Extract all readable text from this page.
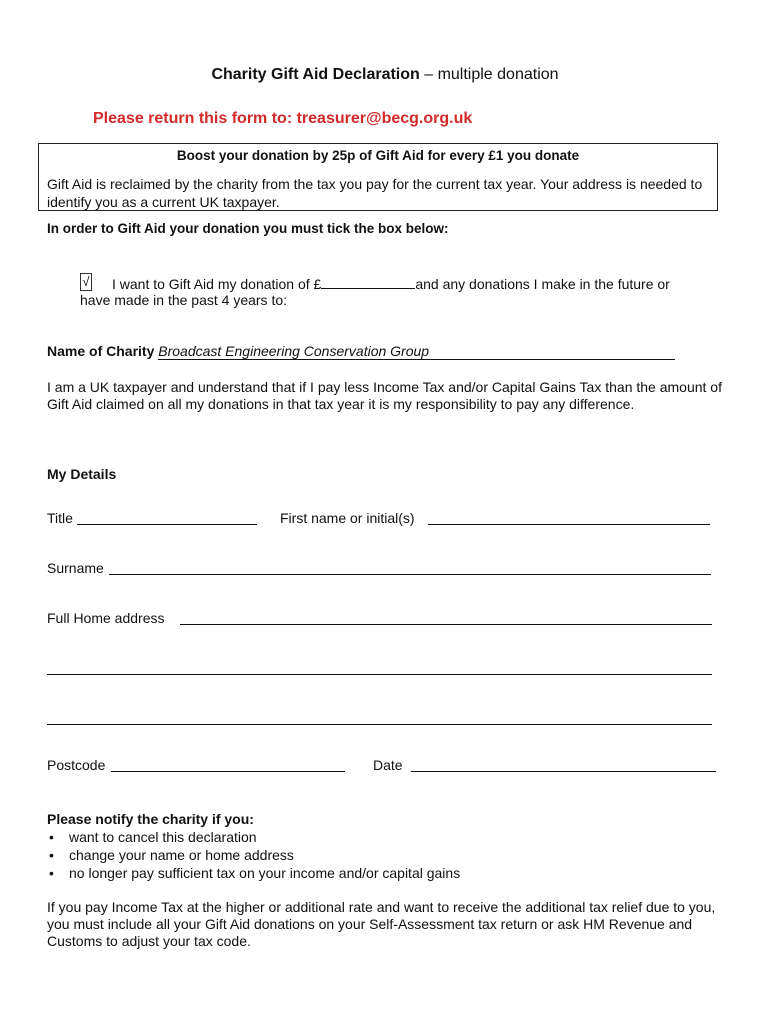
Charity Gift Aid Declaration – multiple donation
Please return this form to: treasurer@becg.org.uk
Boost your donation by 25p of Gift Aid for every £1 you donate
Gift Aid is reclaimed by the charity from the tax you pay for the current tax year. Your address is needed to identify you as a current UK taxpayer.
In order to Gift Aid your donation you must tick the box below:
√ I want to Gift Aid my donation of £	and any donations I make in the future or
have made in the past 4 years to:
Name of Charity Broadcast Engineering Conservation Group
I am a UK taxpayer and understand that if I pay less Income Tax and/or Capital Gains Tax than the amount of Gift Aid claimed on all my donations in that tax year it is my responsibility to pay any difference.
My Details
Title	First name or initial(s)
Surname
Full Home address
Postcode	Date
Please notify the charity if you:
• want to cancel this declaration
• change your name or home address
• no longer pay sufficient tax on your income and/or capital gains
If you pay Income Tax at the higher or additional rate and want to receive the additional tax relief due to you, you must include all your Gift Aid donations on your Self-Assessment tax return or ask HM Revenue and Customs to adjust your tax code.
